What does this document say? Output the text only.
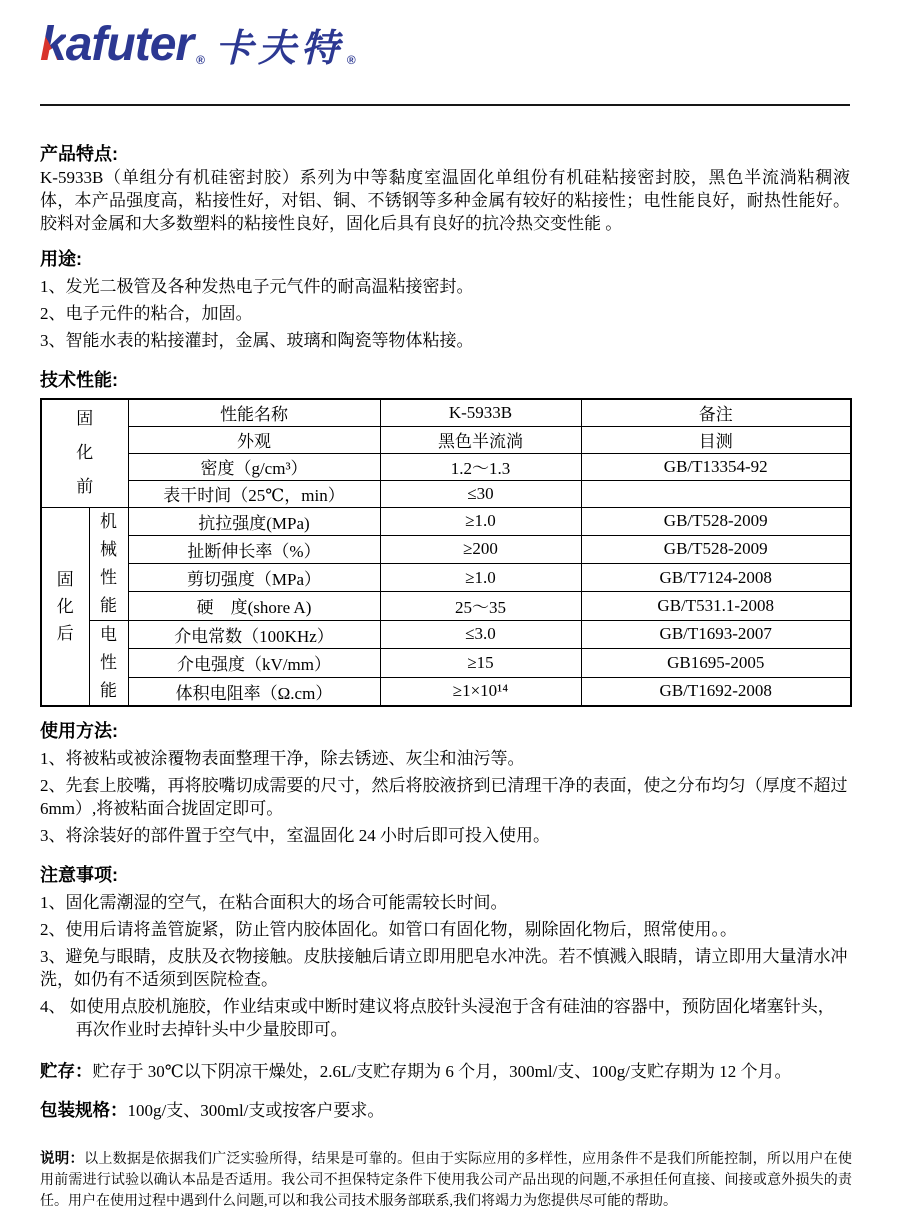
kafuter ® 卡夫特 ®
产品特点:

K-5933B（单组分有机硅密封胶）系列为中等黏度室温固化单组份有机硅粘接密封胶，黑色半流淌粘稠液体，本产品强度高，粘接性好，对铝、铜、不锈钢等多种金属有较好的粘接性；电性能良好，耐热性能好。 胶料对金属和大多数塑料的粘接性良好，固化后具有良好的抗冷热交变性能 。

用途:

1、发光二极管及各种发热电子元气件的耐高温粘接密封。

2、电子元件的粘合，加固。

3、智能水表的粘接灌封，金属、玻璃和陶瓷等物体粘接。

技术性能:
固化前		性能名称	K-5933B	备注
		外观	黑色半流淌	目测
		密度（g/cm³）	1.2～1.3	GB/T13354-92
		表干时间（25℃，min）	≤30	

固化后	机械性能	抗拉强度(MPa)	≥1.0	GB/T528-2009
		扯断伸长率（%）	≥200	GB/T528-2009
		剪切强度（MPa）	≥1.0	GB/T7124-2008
		硬　度(shore A)	25～35	GB/T531.1-2008

	电性能	介电常数（100KHz）	≤3.0	GB/T1693-2007
		介电强度（kV/mm）	≥15	GB1695-2005
		体积电阻率（Ω.cm）	≥1×10¹⁴	GB/T1692-2008
使用方法:

1、将被粘或被涂覆物表面整理干净，除去锈迹、灰尘和油污等。

2、先套上胶嘴，再将胶嘴切成需要的尺寸，然后将胶液挤到已清理干净的表面，使之分布均匀（厚度不超过6mm）,将被粘面合拢固定即可。

3、将涂装好的部件置于空气中，室温固化 24 小时后即可投入使用。

注意事项:

1、固化需潮湿的空气，在粘合面积大的场合可能需较长时间。

2、使用后请将盖管旋紧，防止管内胶体固化。如管口有固化物，剔除固化物后，照常使用。。

3、避免与眼睛，皮肤及衣物接触。皮肤接触后请立即用肥皂水冲洗。若不慎溅入眼睛，请立即用大量清水冲洗，如仍有不适须到医院检查。

4、 如使用点胶机施胶，作业结束或中断时建议将点胶针头浸泡于含有硅油的容器中，预防固化堵塞针头，再次作业时去掉针头中少量胶即可。

贮存：贮存于 30℃以下阴凉干燥处，2.6L/支贮存期为 6 个月，300ml/支、100g/支贮存期为 12 个月。

包装规格：100g/支、300ml/支或按客户要求。

说明：以上数据是依据我们广泛实验所得，结果是可靠的。但由于实际应用的多样性，应用条件不是我们所能控制，所以用户在使用前需进行试验以确认本品是否适用。我公司不担保特定条件下使用我公司产品出现的问题,不承担任何直接、间接或意外损失的责任。用户在使用过程中遇到什么问题,可以和我公司技术服务部联系,我们将竭力为您提供尽可能的帮助。
